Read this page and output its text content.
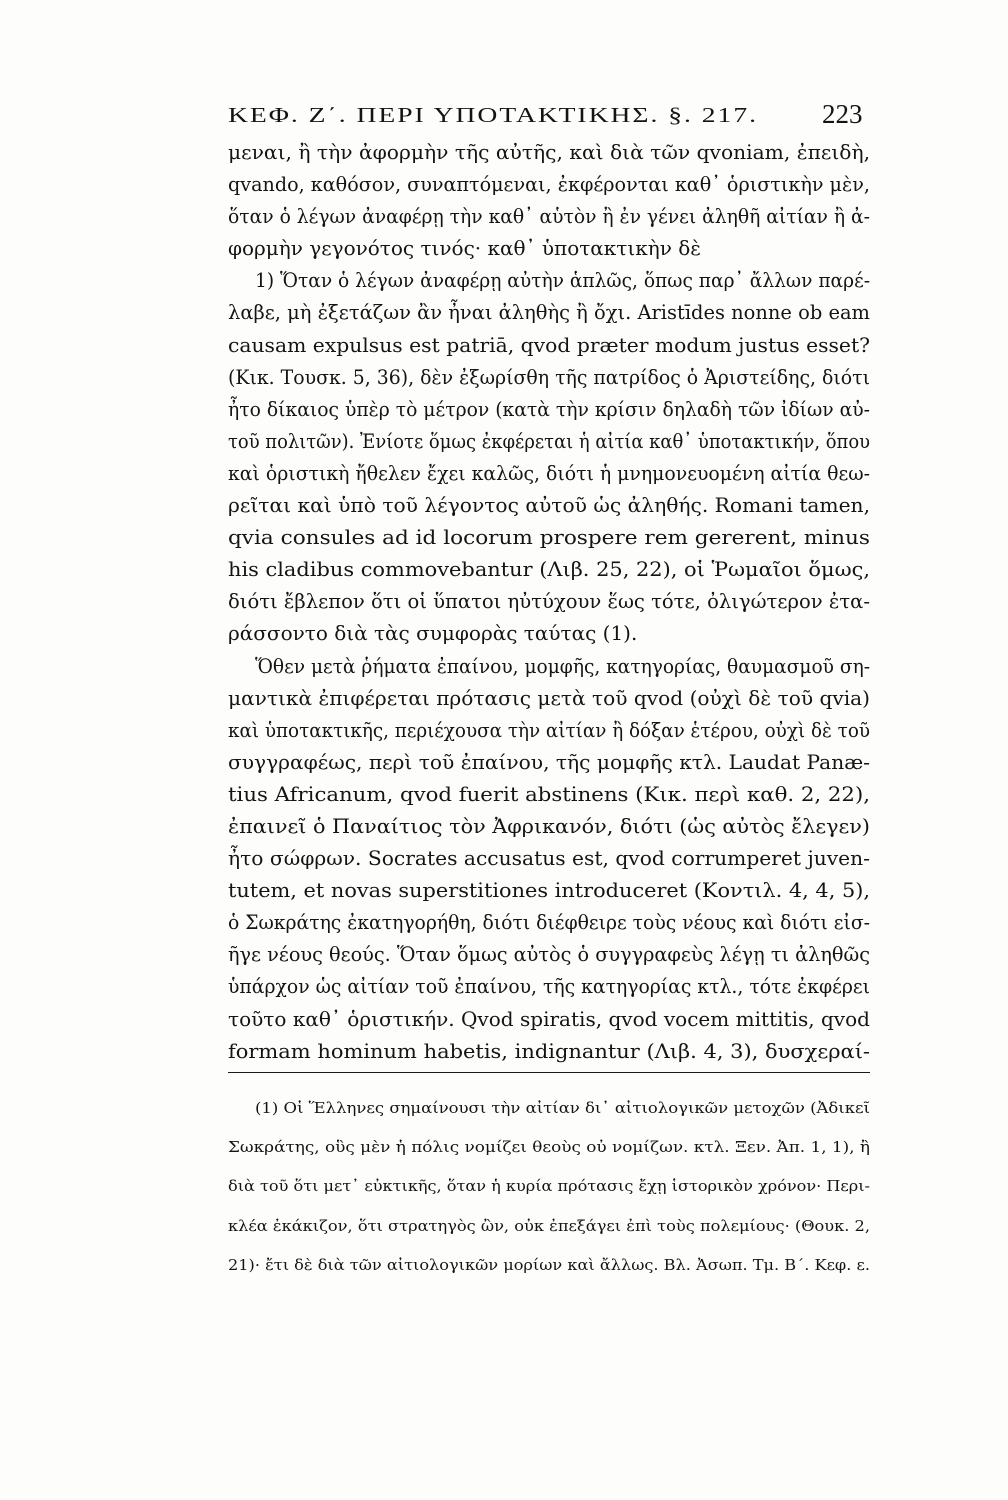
ΚΕΦ. Ζ΄. ΠΕΡΙ ΥΠΟΤΑΚΤΙΚΗΣ. §. 217. 223
μεναι, ἢ τὴν ἀφορμὴν τῆς αὐτῆς, καὶ διὰ τῶν qvoniam, ἐπειδὴ,
qvando, καθόσον, συναπτόμεναι, ἐκφέρονται καθ᾽ ὁριστικὴν μὲν,
ὅταν ὁ λέγων ἀναφέρῃ τὴν καθ᾽ αὑτὸν ἢ ἐν γένει ἀληθῆ αἰτίαν ἢ ἀ-
φορμὴν γεγονότος τινός· καθ᾽ ὑποτακτικὴν δὲ
1) Ὅταν ὁ λέγων ἀναφέρῃ αὐτὴν ἁπλῶς, ὅπως παρ᾽ ἄλλων παρέ-
λαβε, μὴ ἐξετάζων ἂν ἦναι ἀληθὴς ἢ ὄχι. Aristīdes nonne ob eam
causam expulsus est patriā, qvod præter modum justus esset?
(Κικ. Τουσκ. 5, 36), δὲν ἐξωρίσθη τῆς πατρίδος ὁ Ἀριστείδης, διότι
ἦτο δίκαιος ὑπὲρ τὸ μέτρον (κατὰ τὴν κρίσιν δηλαδὴ τῶν ἰδίων αὐ-
τοῦ πολιτῶν). Ἐνίοτε ὅμως ἐκφέρεται ἡ αἰτία καθ᾽ ὑποτακτικήν, ὅπου
καὶ ὁριστικὴ ἤθελεν ἔχει καλῶς, διότι ἡ μνημονευομένη αἰτία θεω-
ρεῖται καὶ ὑπὸ τοῦ λέγοντος αὐτοῦ ὡς ἀληθής. Romani tamen,
qvia consules ad id locorum prospere rem gererent, minus
his cladibus commovebantur (Λιβ. 25, 22), οἱ Ῥωμαῖοι ὅμως,
διότι ἔβλεπον ὅτι οἱ ὕπατοι ηὐτύχουν ἕως τότε, ὀλιγώτερον ἐτα-
ράσσοντο διὰ τὰς συμφορὰς ταύτας (1).
Ὅθεν μετὰ ῥήματα ἐπαίνου, μομφῆς, κατηγορίας, θαυμασμοῦ ση-
μαντικὰ ἐπιφέρεται πρότασις μετὰ τοῦ qvod (οὐχὶ δὲ τοῦ qvia)
καὶ ὑποτακτικῆς, περιέχουσα τὴν αἰτίαν ἢ δόξαν ἑτέρου, οὐχὶ δὲ τοῦ
συγγραφέως, περὶ τοῦ ἐπαίνου, τῆς μομφῆς κτλ. Laudat Panæ-
tius Africanum, qvod fuerit abstinens (Κικ. περὶ καθ. 2, 22),
ἐπαινεῖ ὁ Παναίτιος τὸν Ἀφρικανόν, διότι (ὡς αὐτὸς ἔλεγεν)
ἦτο σώφρων. Socrates accusatus est, qvod corrumperet juven-
tutem, et novas superstitiones introduceret (Κοντιλ. 4, 4, 5),
ὁ Σωκράτης ἐκατηγορήθη, διότι διέφθειρε τοὺς νέους καὶ διότι εἰσ-
ῆγε νέους θεούς. Ὅταν ὅμως αὐτὸς ὁ συγγραφεὺς λέγῃ τι ἀληθῶς
ὑπάρχον ὡς αἰτίαν τοῦ ἐπαίνου, τῆς κατηγορίας κτλ., τότε ἐκφέρει
τοῦτο καθ᾽ ὁριστικήν. Qvod spiratis, qvod vocem mittitis, qvod
formam hominum habetis, indignantur (Λιβ. 4, 3), δυσχεραί-
(1) Οἱ Ἕλληνες σημαίνουσι τὴν αἰτίαν δι᾽ αἰτιολογικῶν μετοχῶν (Ἀδικεῖ
Σωκράτης, οὓς μὲν ἡ πόλις νομίζει θεοὺς οὐ νομίζων. κτλ. Ξεν. Ἀπ. 1, 1), ἢ
διὰ τοῦ ὅτι μετ᾽ εὐκτικῆς, ὅταν ἡ κυρία πρότασις ἔχῃ ἱστορικὸν χρόνον· Περι-
κλέα ἐκάκιζον, ὅτι στρατηγὸς ὢν, οὐκ ἐπεξάγει ἐπὶ τοὺς πολεμίους· (Θουκ. 2,
21)· ἔτι δὲ διὰ τῶν αἰτιολογικῶν μορίων καὶ ἄλλως. Βλ. Ἀσωπ. Τμ. Β΄. Κεφ. ε.
